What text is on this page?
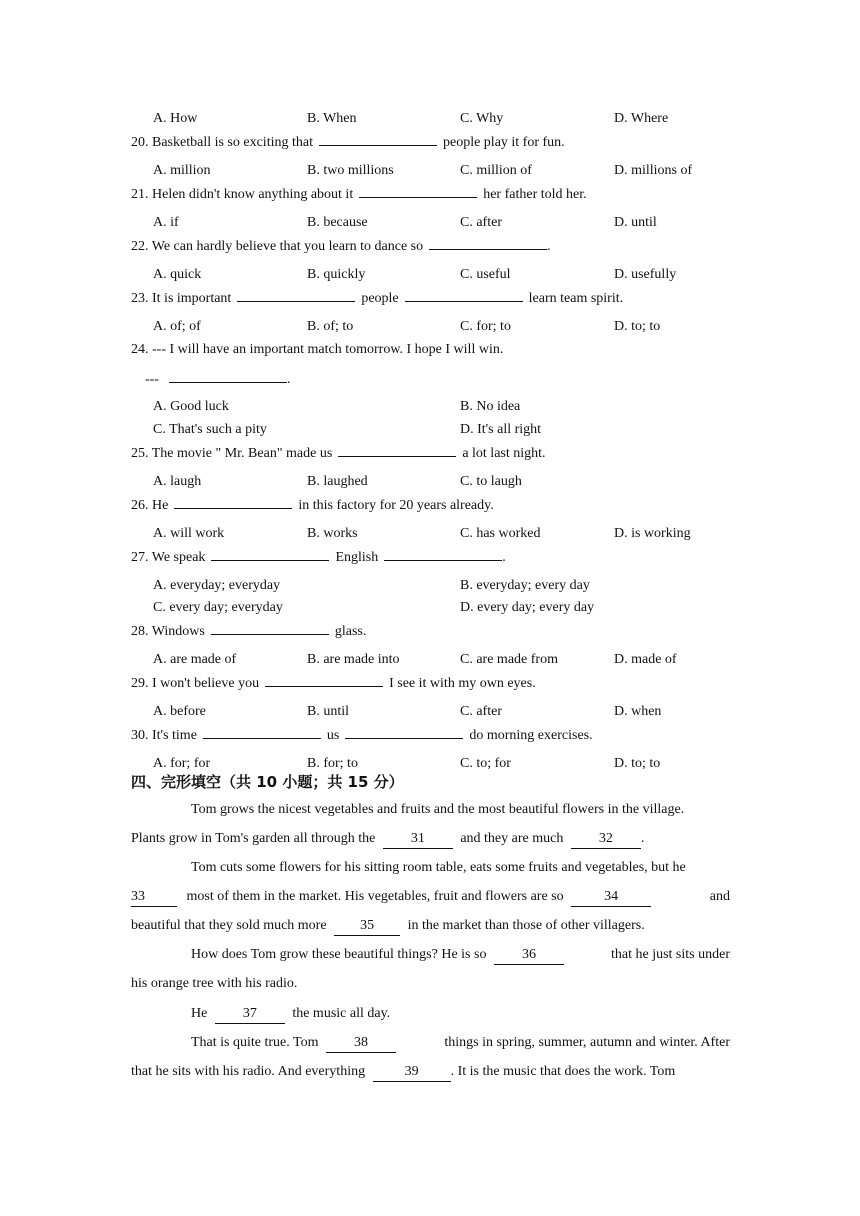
A. How	B. When	C. Why	D. Where
20. Basketball is so exciting that	people play it for fun.
A. million	B. two millions	C. million of	D. millions of
21. Helen didn't know anything about it	her father told her.
A. if	B. because	C. after	D. until
22. We can hardly believe that you learn to dance so	.
A. quick	B. quickly	C. useful	D. usefully
23. It is important	people	learn team spirit.
A. of; of	B. of; to	C. for; to	D. to; to
24. --- I will have an important match tomorrow. I hope I will win.
---	.
A. Good luck	B. No idea
C. That's such a pity	D. It's all right
25. The movie " Mr. Bean" made us	a lot last night.
A. laugh	B. laughed	C. to laugh
26. He	in this factory for 20 years already.
A. will work	B. works	C. has worked	D. is working
27. We speak	English	.
A. everyday; everyday	B. everyday; every day
C. every day; everyday	D. every day; every day
28. Windows	glass.
A. are made of	B. are made into	C. are made from	D. made of
29. I won't believe you	I see it with my own eyes.
A. before	B. until	C. after	D. when
30. It's time	us	do morning exercises.
A. for; for	B. for; to	C. to; for	D. to; to
四、完形填空（共 10 小题；共 15 分）
Tom grows the nicest vegetables and fruits and the most beautiful flowers in the village.
Plants grow in Tom's garden all through the	31	and they are much	32 .
Tom cuts some flowers for his sitting room table, eats some fruits and vegetables, but he
33	most of them in the market. His vegetables, fruit and flowers are so	34	and
beautiful that they sold much more 35 in the market than those of other villagers.
How does Tom grow these beautiful things? He is so	36	that he just sits under
his orange tree with his radio.
He	37	the music all day.
That is quite true. Tom	38	things in spring, summer, autumn and winter. After
that he sits with his radio. And everything	39 . It is the music that does the work. Tom
